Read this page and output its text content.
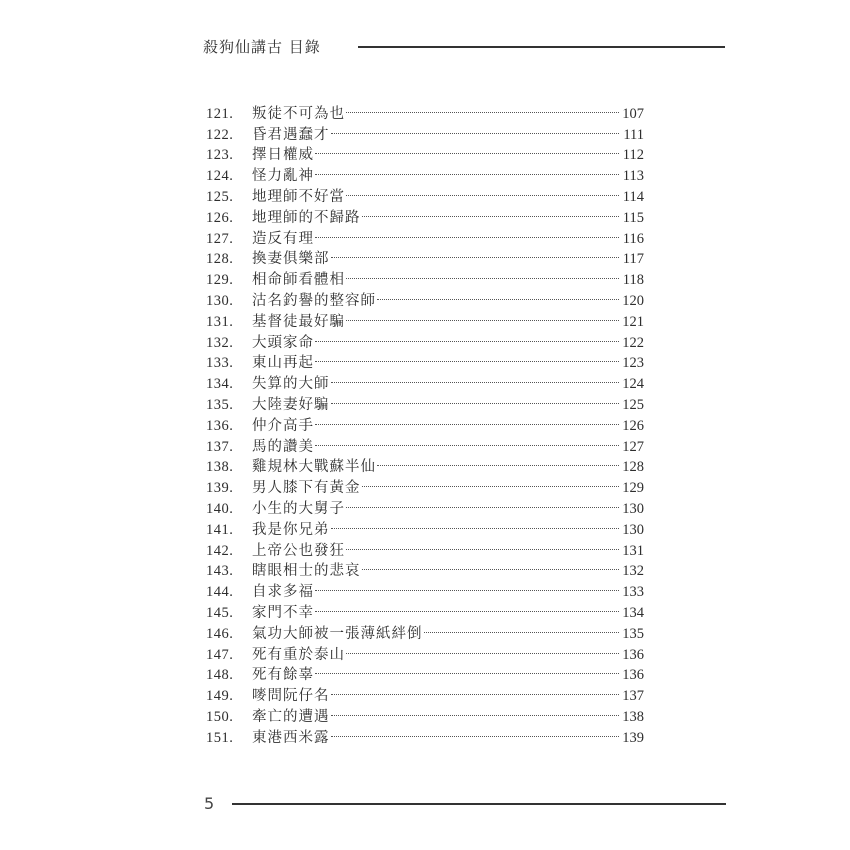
殺狗仙講古 目錄
121.	叛徒不可為也	107
122.	昏君遇蠢才	111
123.	擇日權威	112
124.	怪力亂神	113
125.	地理師不好當	114
126.	地理師的不歸路	115
127.	造反有理	116
128.	換妻俱樂部	117
129.	相命師看體相	118
130.	沽名釣譽的整容師	120
131.	基督徒最好騙	121
132.	大頭家命	122
133.	東山再起	123
134.	失算的大師	124
135.	大陸妻好騙	125
136.	仲介高手	126
137.	馬的讚美	127
138.	雞規林大戰蘇半仙	128
139.	男人膝下有黃金	129
140.	小生的大舅子	130
141.	我是你兄弟	130
142.	上帝公也發狂	131
143.	瞎眼相士的悲哀	132
144.	自求多福	133
145.	家門不幸	134
146.	氣功大師被一張薄紙絆倒	135
147.	死有重於泰山	136
148.	死有餘辜	136
149.	嘜問阮仔名	137
150.	牽亡的遭遇	138
151.	東港西米露	139
5
